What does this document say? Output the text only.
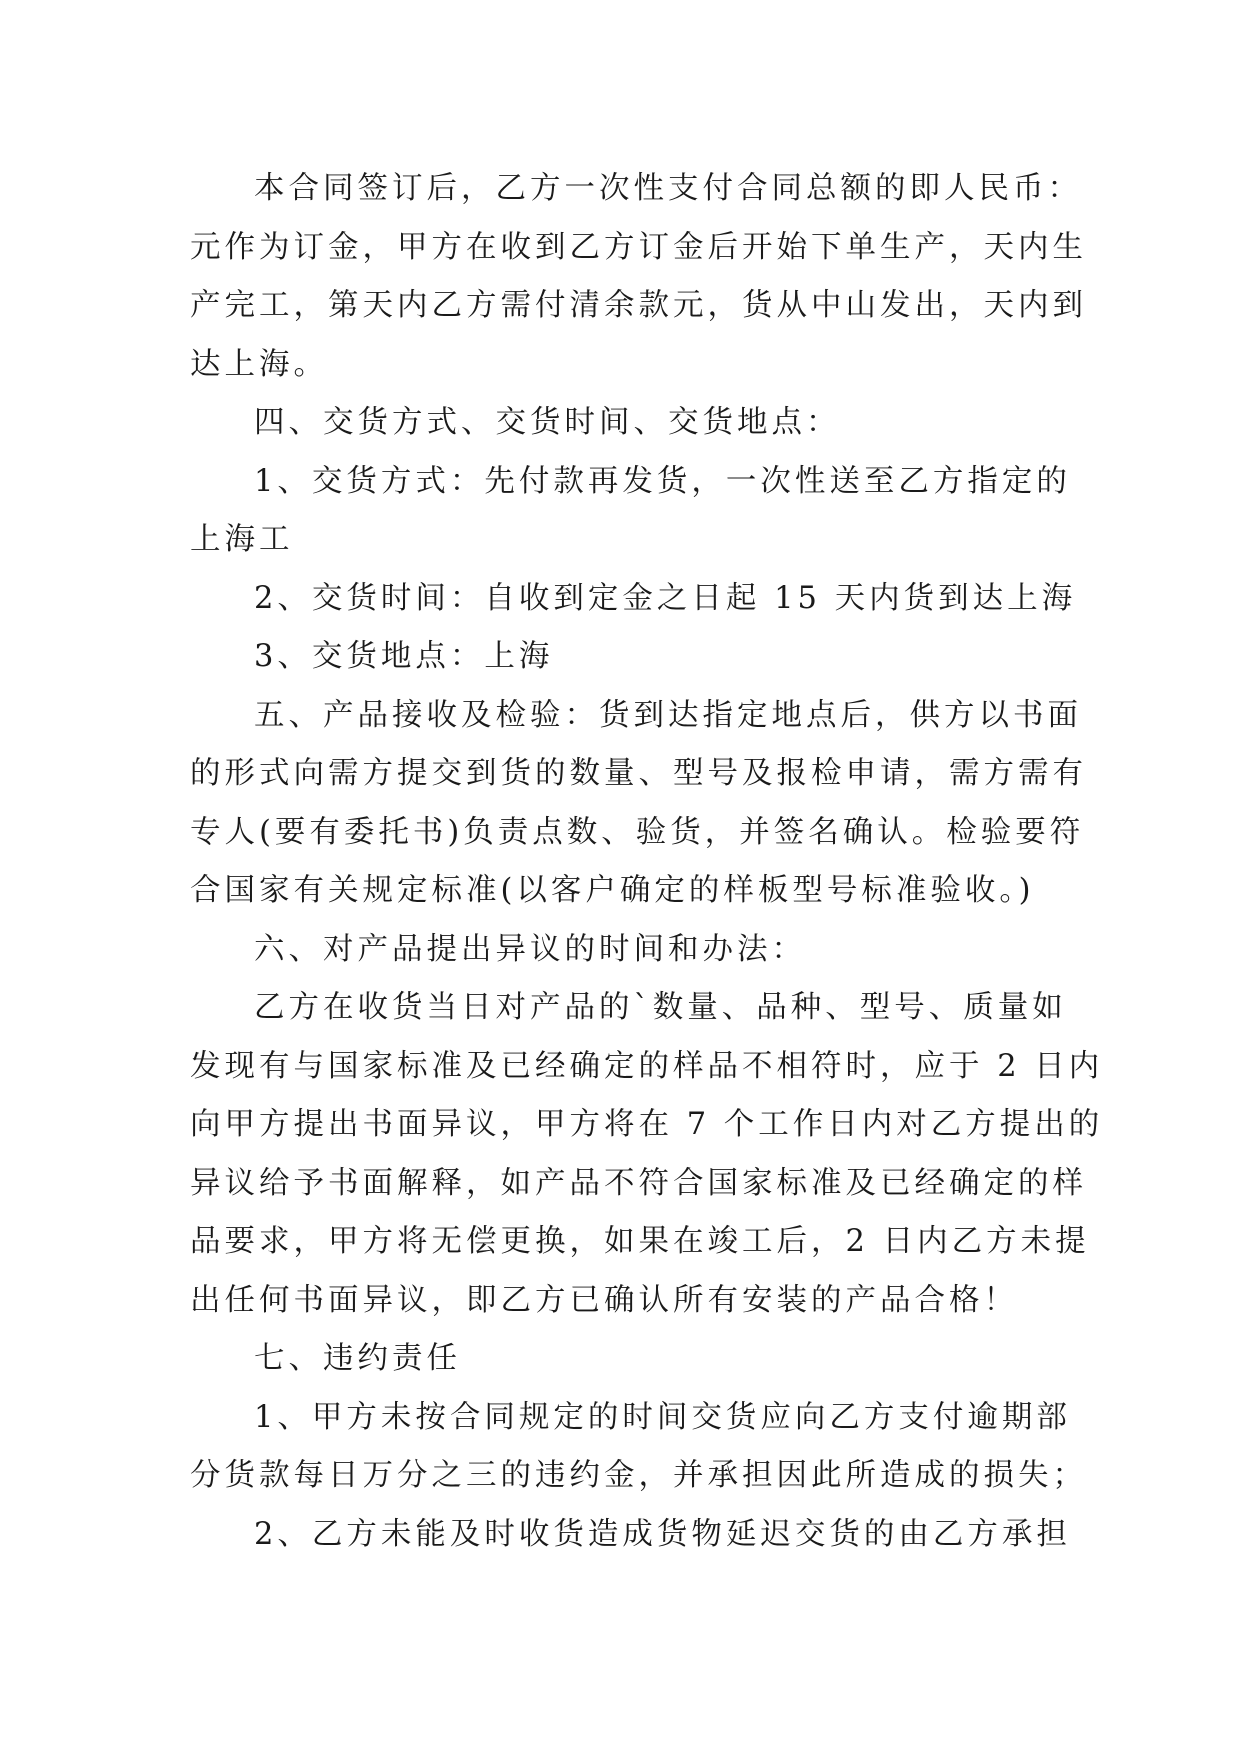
本合同签订后，乙方一次性支付合同总额的即人民币：
元作为订金，甲方在收到乙方订金后开始下单生产，天内生
产完工，第天内乙方需付清余款元，货从中山发出，天内到
达上海。
四、交货方式、交货时间、交货地点：
1、交货方式：先付款再发货，一次性送至乙方指定的
上海工
2、交货时间：自收到定金之日起 15 天内货到达上海
3、交货地点：上海
五、产品接收及检验：货到达指定地点后，供方以书面
的形式向需方提交到货的数量、型号及报检申请，需方需有
专人(要有委托书)负责点数、验货，并签名确认。检验要符
合国家有关规定标准(以客户确定的样板型号标准验收。)
六、对产品提出异议的时间和办法：
乙方在收货当日对产品的`数量、品种、型号、质量如
发现有与国家标准及已经确定的样品不相符时，应于 2 日内
向甲方提出书面异议，甲方将在 7 个工作日内对乙方提出的
异议给予书面解释，如产品不符合国家标准及已经确定的样
品要求，甲方将无偿更换，如果在竣工后，2 日内乙方未提
出任何书面异议，即乙方已确认所有安装的产品合格！
七、违约责任
1、甲方未按合同规定的时间交货应向乙方支付逾期部
分货款每日万分之三的违约金，并承担因此所造成的损失；
2、乙方未能及时收货造成货物延迟交货的由乙方承担
